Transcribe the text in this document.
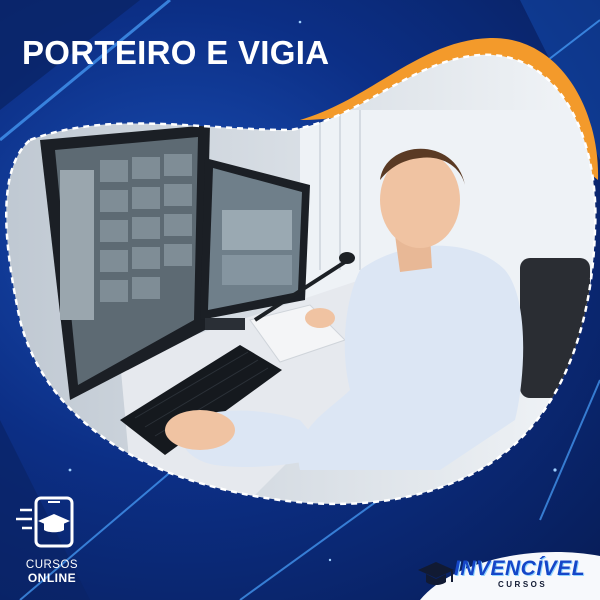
PORTEIRO E VIGIA
CURSOS
ONLINE	INVENCÍVEL

CURSOS
